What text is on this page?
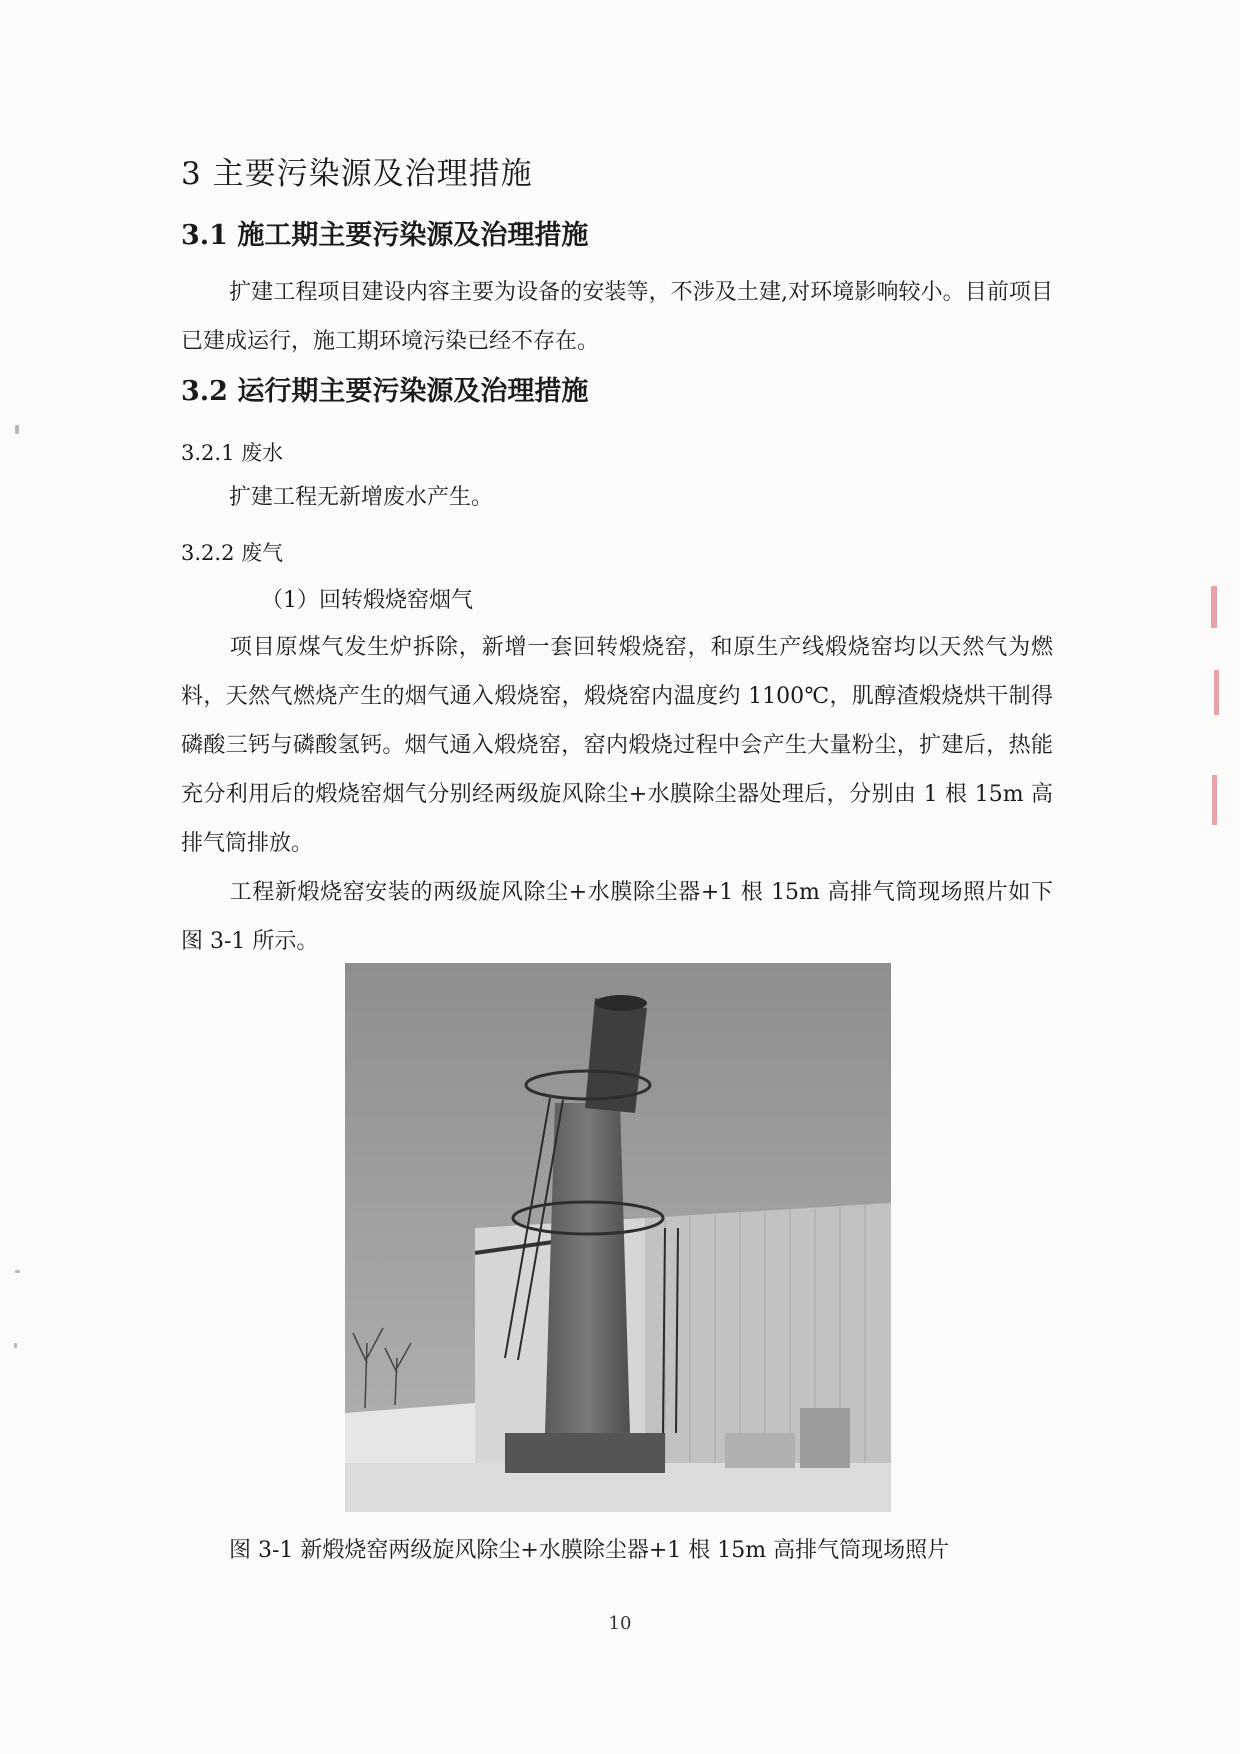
3 主要污染源及治理措施
3.1 施工期主要污染源及治理措施
扩建工程项目建设内容主要为设备的安装等，不涉及土建,对环境影响较小。目前项目已建成运行，施工期环境污染已经不存在。
3.2 运行期主要污染源及治理措施
3.2.1 废水
扩建工程无新增废水产生。
3.2.2 废气
（1）回转煅烧窑烟气
项目原煤气发生炉拆除，新增一套回转煅烧窑，和原生产线煅烧窑均以天然气为燃料，天然气燃烧产生的烟气通入煅烧窑，煅烧窑内温度约 1100℃，肌醇渣煅烧烘干制得磷酸三钙与磷酸氢钙。烟气通入煅烧窑，窑内煅烧过程中会产生大量粉尘，扩建后，热能充分利用后的煅烧窑烟气分别经两级旋风除尘+水膜除尘器处理后，分别由 1 根 15m 高排气筒排放。
工程新煅烧窑安装的两级旋风除尘+水膜除尘器+1 根 15m 高排气筒现场照片如下图 3-1 所示。
图 3-1 新煅烧窑两级旋风除尘+水膜除尘器+1 根 15m 高排气筒现场照片
10
